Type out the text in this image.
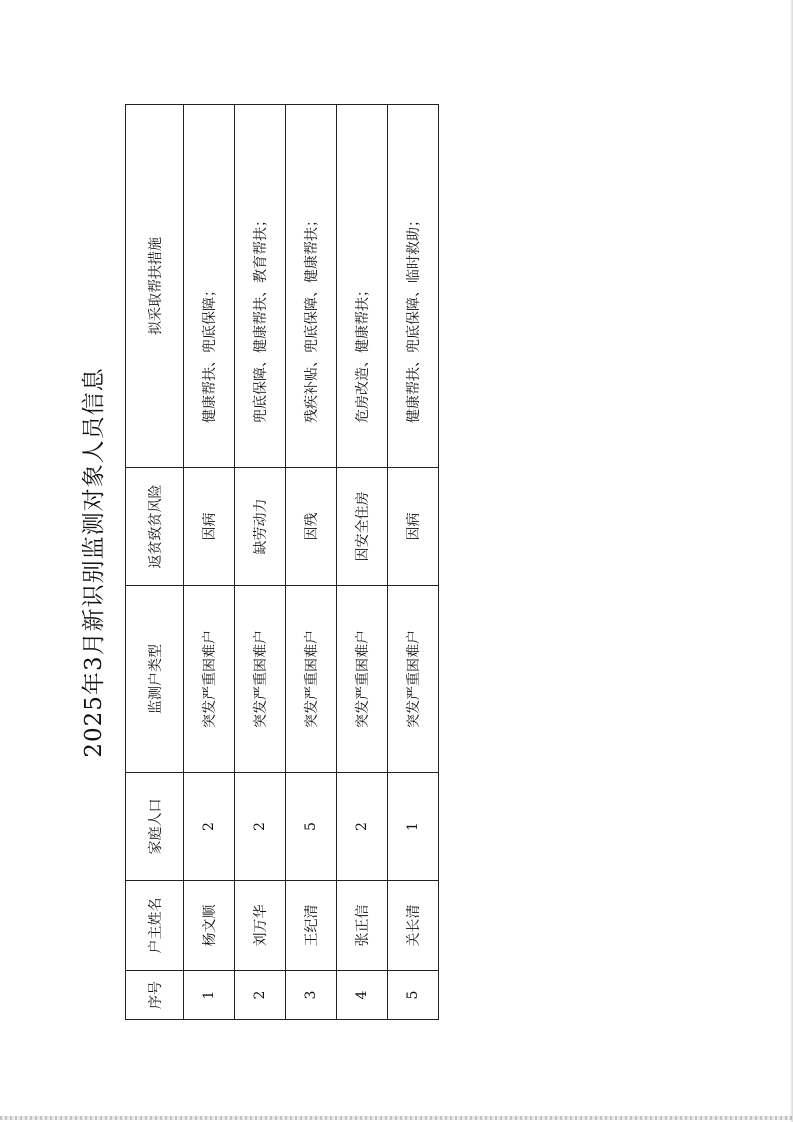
2025年3月新识别监测对象人员信息
序号	户主姓名	家庭人口	监测户类型	返贫致贫风险	拟采取帮扶措施
1	杨文顺	2	突发严重困难户	因病	健康帮扶、兜底保障；
2	刘万华	2	突发严重困难户	缺劳动力	兜底保障、健康帮扶、教育帮扶；
3	王纪清	5	突发严重困难户	因残	残疾补贴、兜底保障、健康帮扶；
4	张正信	2	突发严重困难户	因安全住房	危房改造、健康帮扶；
5	关长清	1	突发严重困难户	因病	健康帮扶、兜底保障、临时救助；
